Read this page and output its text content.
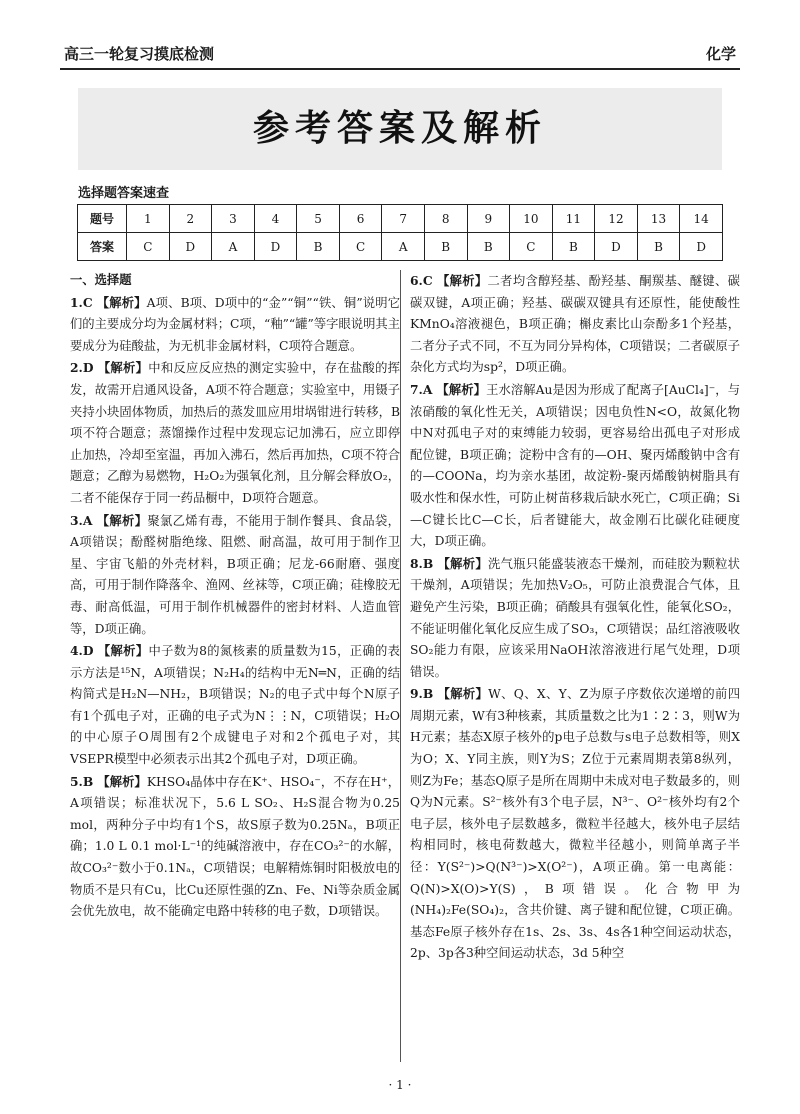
高三一轮复习摸底检测	化学
参考答案及解析
选择题答案速查
题号	1	2	3	4	5	6	7	8	9	10	11	12	13	14
答案	C	D	A	D	B	C	A	B	B	C	B	D	B	D
一、选择题

1.C 【解析】A项、B项、D项中的“金”“铜”“铁、铜”说明它们的主要成分均为金属材料；C项，“釉”“罐”等字眼说明其主要成分为硅酸盐，为无机非金属材料，C项符合题意。

2.D 【解析】中和反应反应热的测定实验中，存在盐酸的挥发，故需开启通风设备，A项不符合题意；实验室中，用镊子夹持小块固体物质，加热后的蒸发皿应用坩埚钳进行转移，B项不符合题意；蒸馏操作过程中发现忘记加沸石，应立即停止加热，冷却至室温，再加入沸石，然后再加热，C项不符合题意；乙醇为易燃物，H₂O₂为强氧化剂，且分解会释放O₂，二者不能保存于同一药品橱中，D项符合题意。

3.A 【解析】聚氯乙烯有毒，不能用于制作餐具、食品袋，A项错误；酚醛树脂绝缘、阻燃、耐高温，故可用于制作卫星、宇宙飞船的外壳材料，B项正确；尼龙-66耐磨、强度高，可用于制作降落伞、渔网、丝袜等，C项正确；硅橡胶无毒、耐高低温，可用于制作机械器件的密封材料、人造血管等，D项正确。

4.D 【解析】中子数为8的氮核素的质量数为15，正确的表示方法是¹⁵N，A项错误；N₂H₄的结构中无N═N，正确的结构简式是H₂N—NH₂，B项错误；N₂的电子式中每个N原子有1个孤电子对，正确的电子式为N⋮⋮N，C项错误；H₂O的中心原子O周围有2个成键电子对和2个孤电子对，其VSEPR模型中必须表示出其2个孤电子对，D项正确。

5.B 【解析】KHSO₄晶体中存在K⁺、HSO₄⁻，不存在H⁺，A项错误；标准状况下，5.6 L SO₂、H₂S混合物为0.25 mol，两种分子中均有1个S，故S原子数为0.25Nₐ，B项正确；1.0 L 0.1 mol·L⁻¹的纯碱溶液中，存在CO₃²⁻的水解，故CO₃²⁻数小于0.1Nₐ，C项错误；电解精炼铜时阳极放电的物质不是只有Cu，比Cu还原性强的Zn、Fe、Ni等杂质金属会优先放电，故不能确定电路中转移的电子数，D项错误。

6.C 【解析】二者均含醇羟基、酚羟基、酮羰基、醚键、碳碳双键，A项正确；羟基、碳碳双键具有还原性，能使酸性KMnO₄溶液褪色，B项正确；槲皮素比山奈酚多1个羟基，二者分子式不同，不互为同分异构体，C项错误；二者碳原子杂化方式均为sp²，D项正确。

7.A 【解析】王水溶解Au是因为形成了配离子[AuCl₄]⁻，与浓硝酸的氧化性无关，A项错误；因电负性N<O，故氮化物中N对孤电子对的束缚能力较弱，更容易给出孤电子对形成配位键，B项正确；淀粉中含有的—OH、聚丙烯酸钠中含有的—COONa，均为亲水基团，故淀粉-聚丙烯酸钠树脂具有吸水性和保水性，可防止树苗移栽后缺水死亡，C项正确；Si—C键长比C—C长，后者键能大，故金刚石比碳化硅硬度大，D项正确。

8.B 【解析】洗气瓶只能盛装液态干燥剂，而硅胶为颗粒状干燥剂，A项错误；先加热V₂O₅，可防止浪费混合气体，且避免产生污染，B项正确；硝酸具有强氧化性，能氧化SO₂，不能证明催化氧化反应生成了SO₃，C项错误；品红溶液吸收SO₂能力有限，应该采用NaOH浓溶液进行尾气处理，D项错误。

9.B 【解析】W、Q、X、Y、Z为原子序数依次递增的前四周期元素，W有3种核素，其质量数之比为1∶2∶3，则W为H元素；基态X原子核外的p电子总数与s电子总数相等，则X为O；X、Y同主族，则Y为S；Z位于元素周期表第8纵列，则Z为Fe；基态Q原子是所在周期中未成对电子数最多的，则Q为N元素。S²⁻核外有3个电子层，N³⁻、O²⁻核外均有2个电子层，核外电子层数越多，微粒半径越大，核外电子层结构相同时，核电荷数越大，微粒半径越小，则简单离子半径：Y(S²⁻)>Q(N³⁻)>X(O²⁻)，A项正确。第一电离能：Q(N)>X(O)>Y(S)，B项错误。化合物甲为(NH₄)₂Fe(SO₄)₂，含共价键、离子键和配位键，C项正确。基态Fe原子核外存在1s、2s、3s、4s各1种空间运动状态，2p、3p各3种空间运动状态，3d 5种空

· 1 ·
